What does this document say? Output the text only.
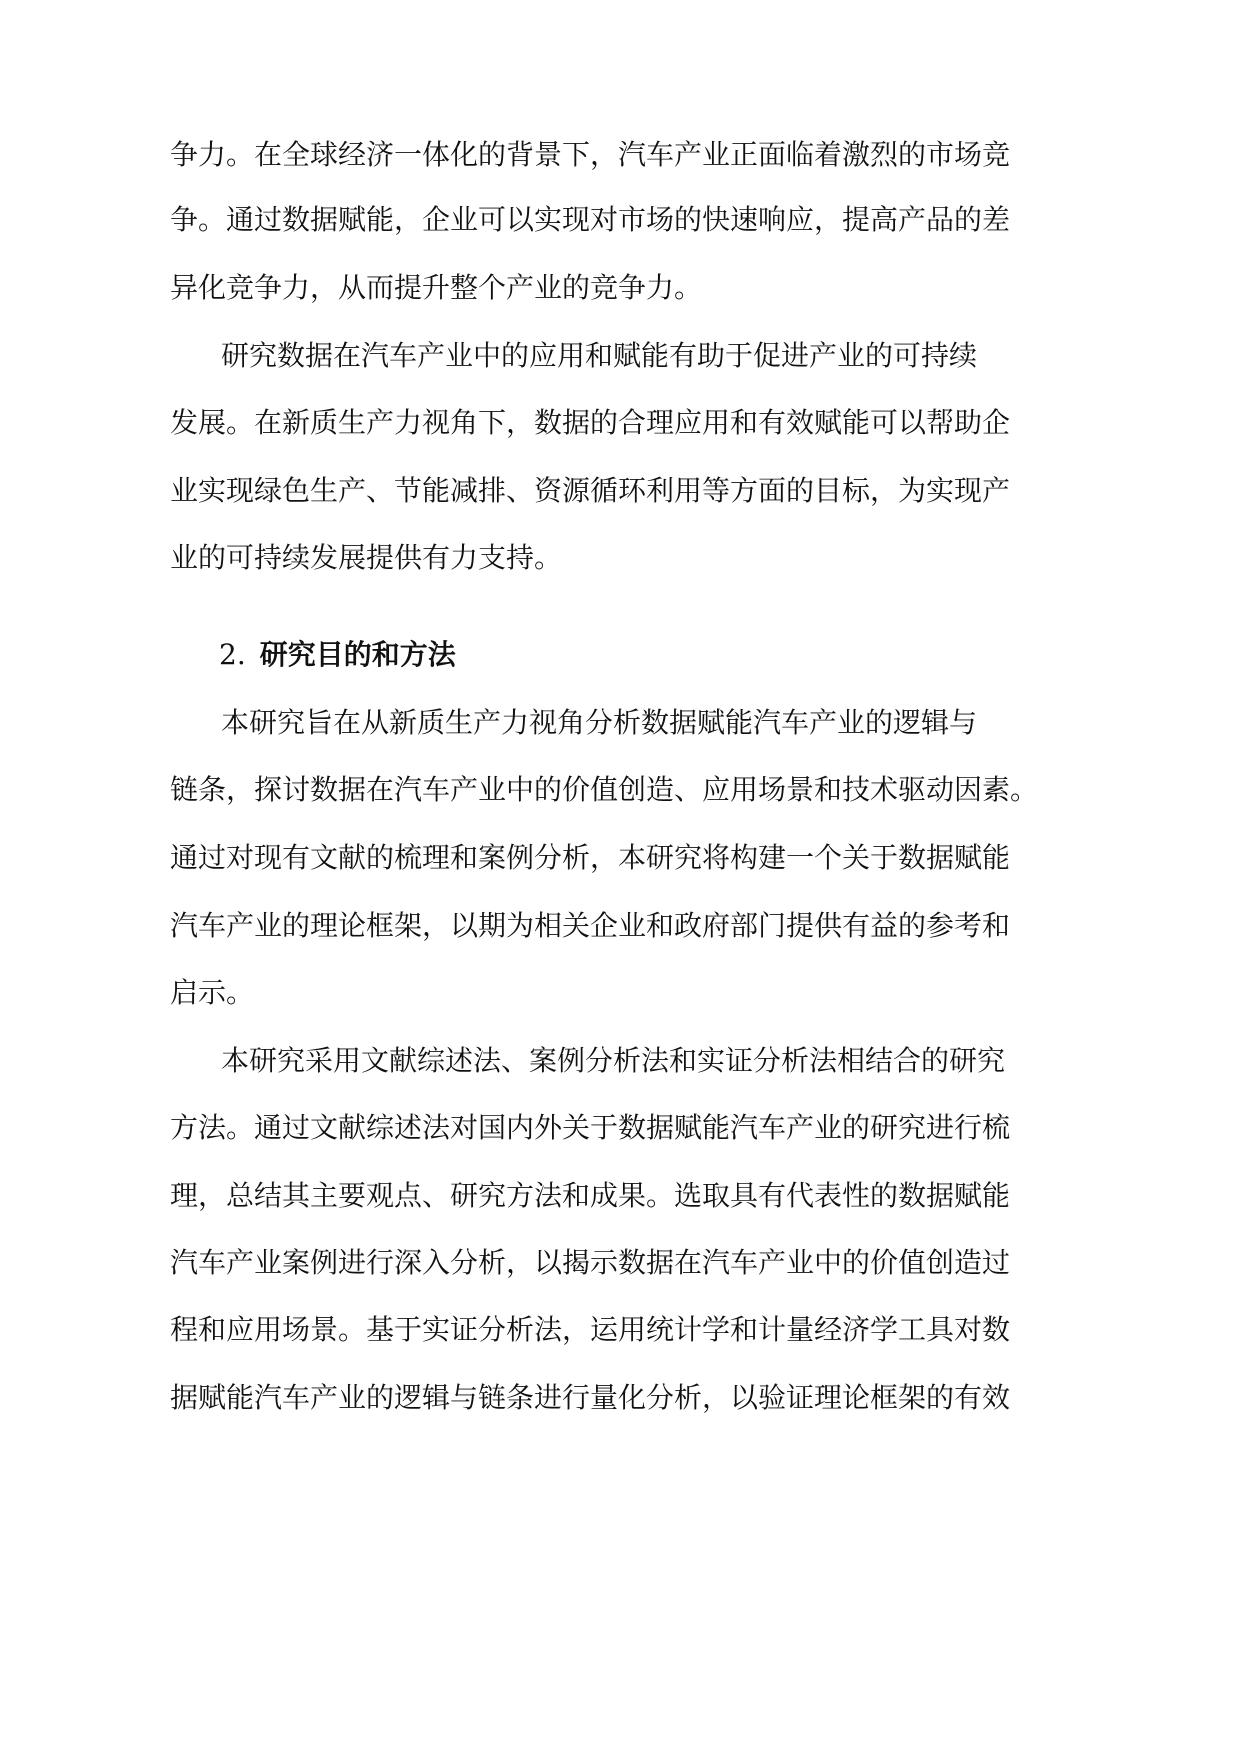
争力。在全球经济一体化的背景下，汽车产业正面临着激烈的市场竞
争。通过数据赋能，企业可以实现对市场的快速响应，提高产品的差
异化竞争力，从而提升整个产业的竞争力。
研究数据在汽车产业中的应用和赋能有助于促进产业的可持续
发展。在新质生产力视角下，数据的合理应用和有效赋能可以帮助企
业实现绿色生产、节能减排、资源循环利用等方面的目标，为实现产
业的可持续发展提供有力支持。
2. 研究目的和方法
本研究旨在从新质生产力视角分析数据赋能汽车产业的逻辑与
链条，探讨数据在汽车产业中的价值创造、应用场景和技术驱动因素。
通过对现有文献的梳理和案例分析，本研究将构建一个关于数据赋能
汽车产业的理论框架，以期为相关企业和政府部门提供有益的参考和
启示。
本研究采用文献综述法、案例分析法和实证分析法相结合的研究
方法。通过文献综述法对国内外关于数据赋能汽车产业的研究进行梳
理，总结其主要观点、研究方法和成果。选取具有代表性的数据赋能
汽车产业案例进行深入分析，以揭示数据在汽车产业中的价值创造过
程和应用场景。基于实证分析法，运用统计学和计量经济学工具对数
据赋能汽车产业的逻辑与链条进行量化分析，以验证理论框架的有效
